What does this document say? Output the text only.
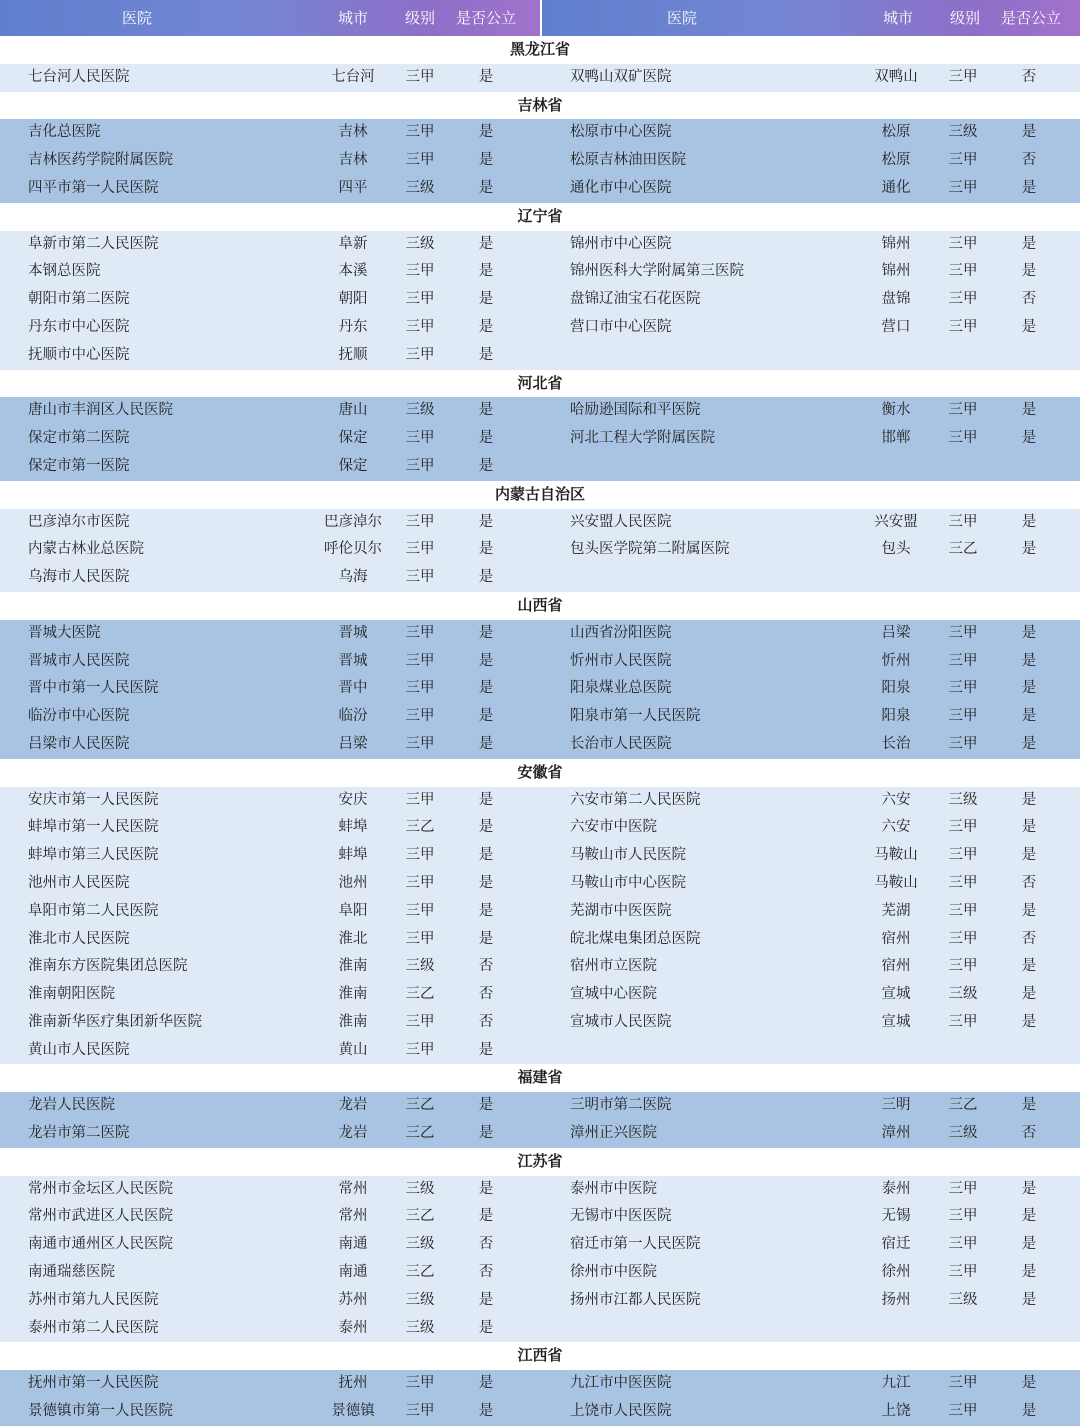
医院	城市 级别 是否公立	医院	城市 级别 是否公立
黑龙江省
七台河人民医院	七台河 三甲	是	双鸭山双矿医院	双鸭山 三甲	否
吉林省
吉化总医院	吉林	三甲	是	松原市中心医院	松原	三级	是
吉林医药学院附属医院	吉林	三甲	是	松原吉林油田医院	松原	三甲	否
四平市第一人民医院	四平	三级	是	通化市中心医院	通化	三甲	是
辽宁省
阜新市第二人民医院	阜新	三级	是	锦州市中心医院	锦州	三甲	是
本钢总医院	本溪	三甲	是	锦州医科大学附属第三医院	锦州	三甲	是
朝阳市第二医院	朝阳	三甲	是	盘锦辽油宝石花医院	盘锦	三甲	否
丹东市中心医院	丹东	三甲	是	营口市中心医院	营口	三甲	是
抚顺市中心医院	抚顺	三甲	是
河北省
唐山市丰润区人民医院	唐山	三级	是	哈励逊国际和平医院	衡水	三甲	是
保定市第二医院	保定	三甲	是	河北工程大学附属医院	邯郸	三甲	是
保定市第一医院	保定	三甲	是
内蒙古自治区
巴彦淖尔市医院	巴彦淖尔 三甲	是	兴安盟人民医院	兴安盟 三甲	是
内蒙古林业总医院	呼伦贝尔 三甲	是	包头医学院第二附属医院	包头	三乙	是
乌海市人民医院	乌海	三甲	是
山西省
晋城大医院	晋城	三甲	是	山西省汾阳医院	吕梁	三甲	是
晋城市人民医院	晋城	三甲	是	忻州市人民医院	忻州	三甲	是
晋中市第一人民医院	晋中	三甲	是	阳泉煤业总医院	阳泉	三甲	是
临汾市中心医院	临汾	三甲	是	阳泉市第一人民医院	阳泉	三甲	是
吕梁市人民医院	吕梁	三甲	是	长治市人民医院	长治	三甲	是
安徽省
安庆市第一人民医院	安庆	三甲	是	六安市第二人民医院	六安	三级	是
蚌埠市第一人民医院	蚌埠	三乙	是	六安市中医院	六安	三甲	是
蚌埠市第三人民医院	蚌埠	三甲	是	马鞍山市人民医院	马鞍山 三甲	是
池州市人民医院	池州	三甲	是	马鞍山市中心医院	马鞍山 三甲	否
阜阳市第二人民医院	阜阳	三甲	是	芜湖市中医医院	芜湖	三甲	是
淮北市人民医院	淮北	三甲	是	皖北煤电集团总医院	宿州	三甲	否
淮南东方医院集团总医院	淮南	三级	否	宿州市立医院	宿州	三甲	是
淮南朝阳医院	淮南	三乙	否	宣城中心医院	宣城	三级	是
淮南新华医疗集团新华医院	淮南	三甲	否	宣城市人民医院	宣城	三甲	是
黄山市人民医院	黄山	三甲	是
福建省
龙岩人民医院	龙岩	三乙	是	三明市第二医院	三明	三乙	是
龙岩市第二医院	龙岩	三乙	是	漳州正兴医院	漳州	三级	否
江苏省
常州市金坛区人民医院	常州	三级	是	泰州市中医院	泰州	三甲	是
常州市武进区人民医院	常州	三乙	是	无锡市中医医院	无锡	三甲	是
南通市通州区人民医院	南通	三级	否	宿迁市第一人民医院	宿迁	三甲	是
南通瑞慈医院	南通	三乙	否	徐州市中医院	徐州	三甲	是
苏州市第九人民医院	苏州	三级	是	扬州市江都人民医院	扬州	三级	是
泰州市第二人民医院	泰州	三级	是
江西省
抚州市第一人民医院	抚州	三甲	是	九江市中医医院	九江	三甲	是
景德镇市第一人民医院	景德镇 三甲	是	上饶市人民医院	上饶	三甲	是
